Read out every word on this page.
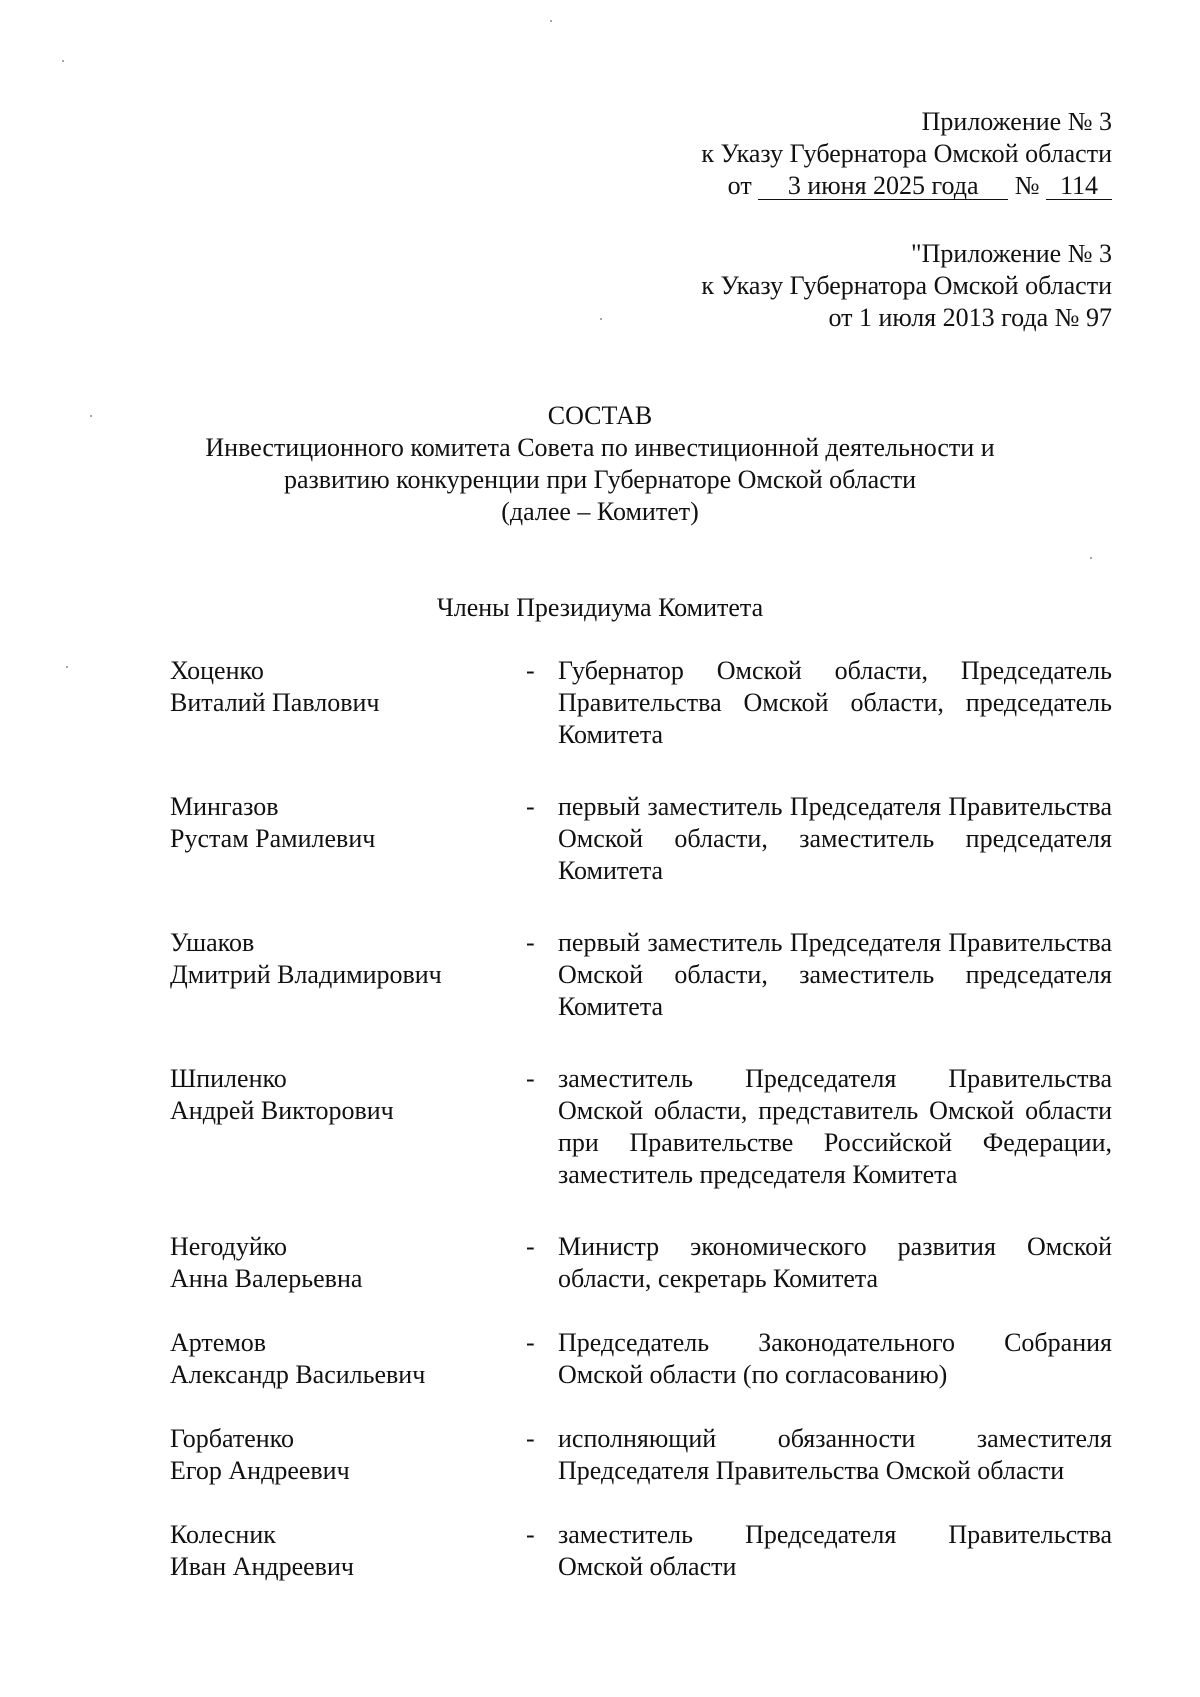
Приложение № 3
к Указу Губернатора Омской области
от 3 июня 2025 года № 114
"Приложение № 3
к Указу Губернатора Омской области
от 1 июля 2013 года № 97
СОСТАВ
Инвестиционного комитета Совета по инвестиционной деятельности и
развитию конкуренции при Губернаторе Омской области
(далее – Комитет)
Члены Президиума Комитета
Хоценко
Виталий Павлович
- Губернатор Омской области, Председатель Правительства Омской области, председатель Комитета
Мингазов
Рустам Рамилевич
- первый заместитель Председателя Правительства Омской области, заместитель председателя Комитета
Ушаков
Дмитрий Владимирович
- первый заместитель Председателя Правительства Омской области, заместитель председателя Комитета
Шпиленко
Андрей Викторович
- заместитель Председателя Правительства Омской области, представитель Омской области при Правительстве Российской Федерации, заместитель председателя Комитета
Негодуйко
Анна Валерьевна
- Министр экономического развития Омской области, секретарь Комитета
Артемов
Александр Васильевич
- Председатель Законодательного Собрания Омской области (по согласованию)
Горбатенко
Егор Андреевич
- исполняющий обязанности заместителя Председателя Правительства Омской области
Колесник
Иван Андреевич
- заместитель Председателя Правительства Омской области
